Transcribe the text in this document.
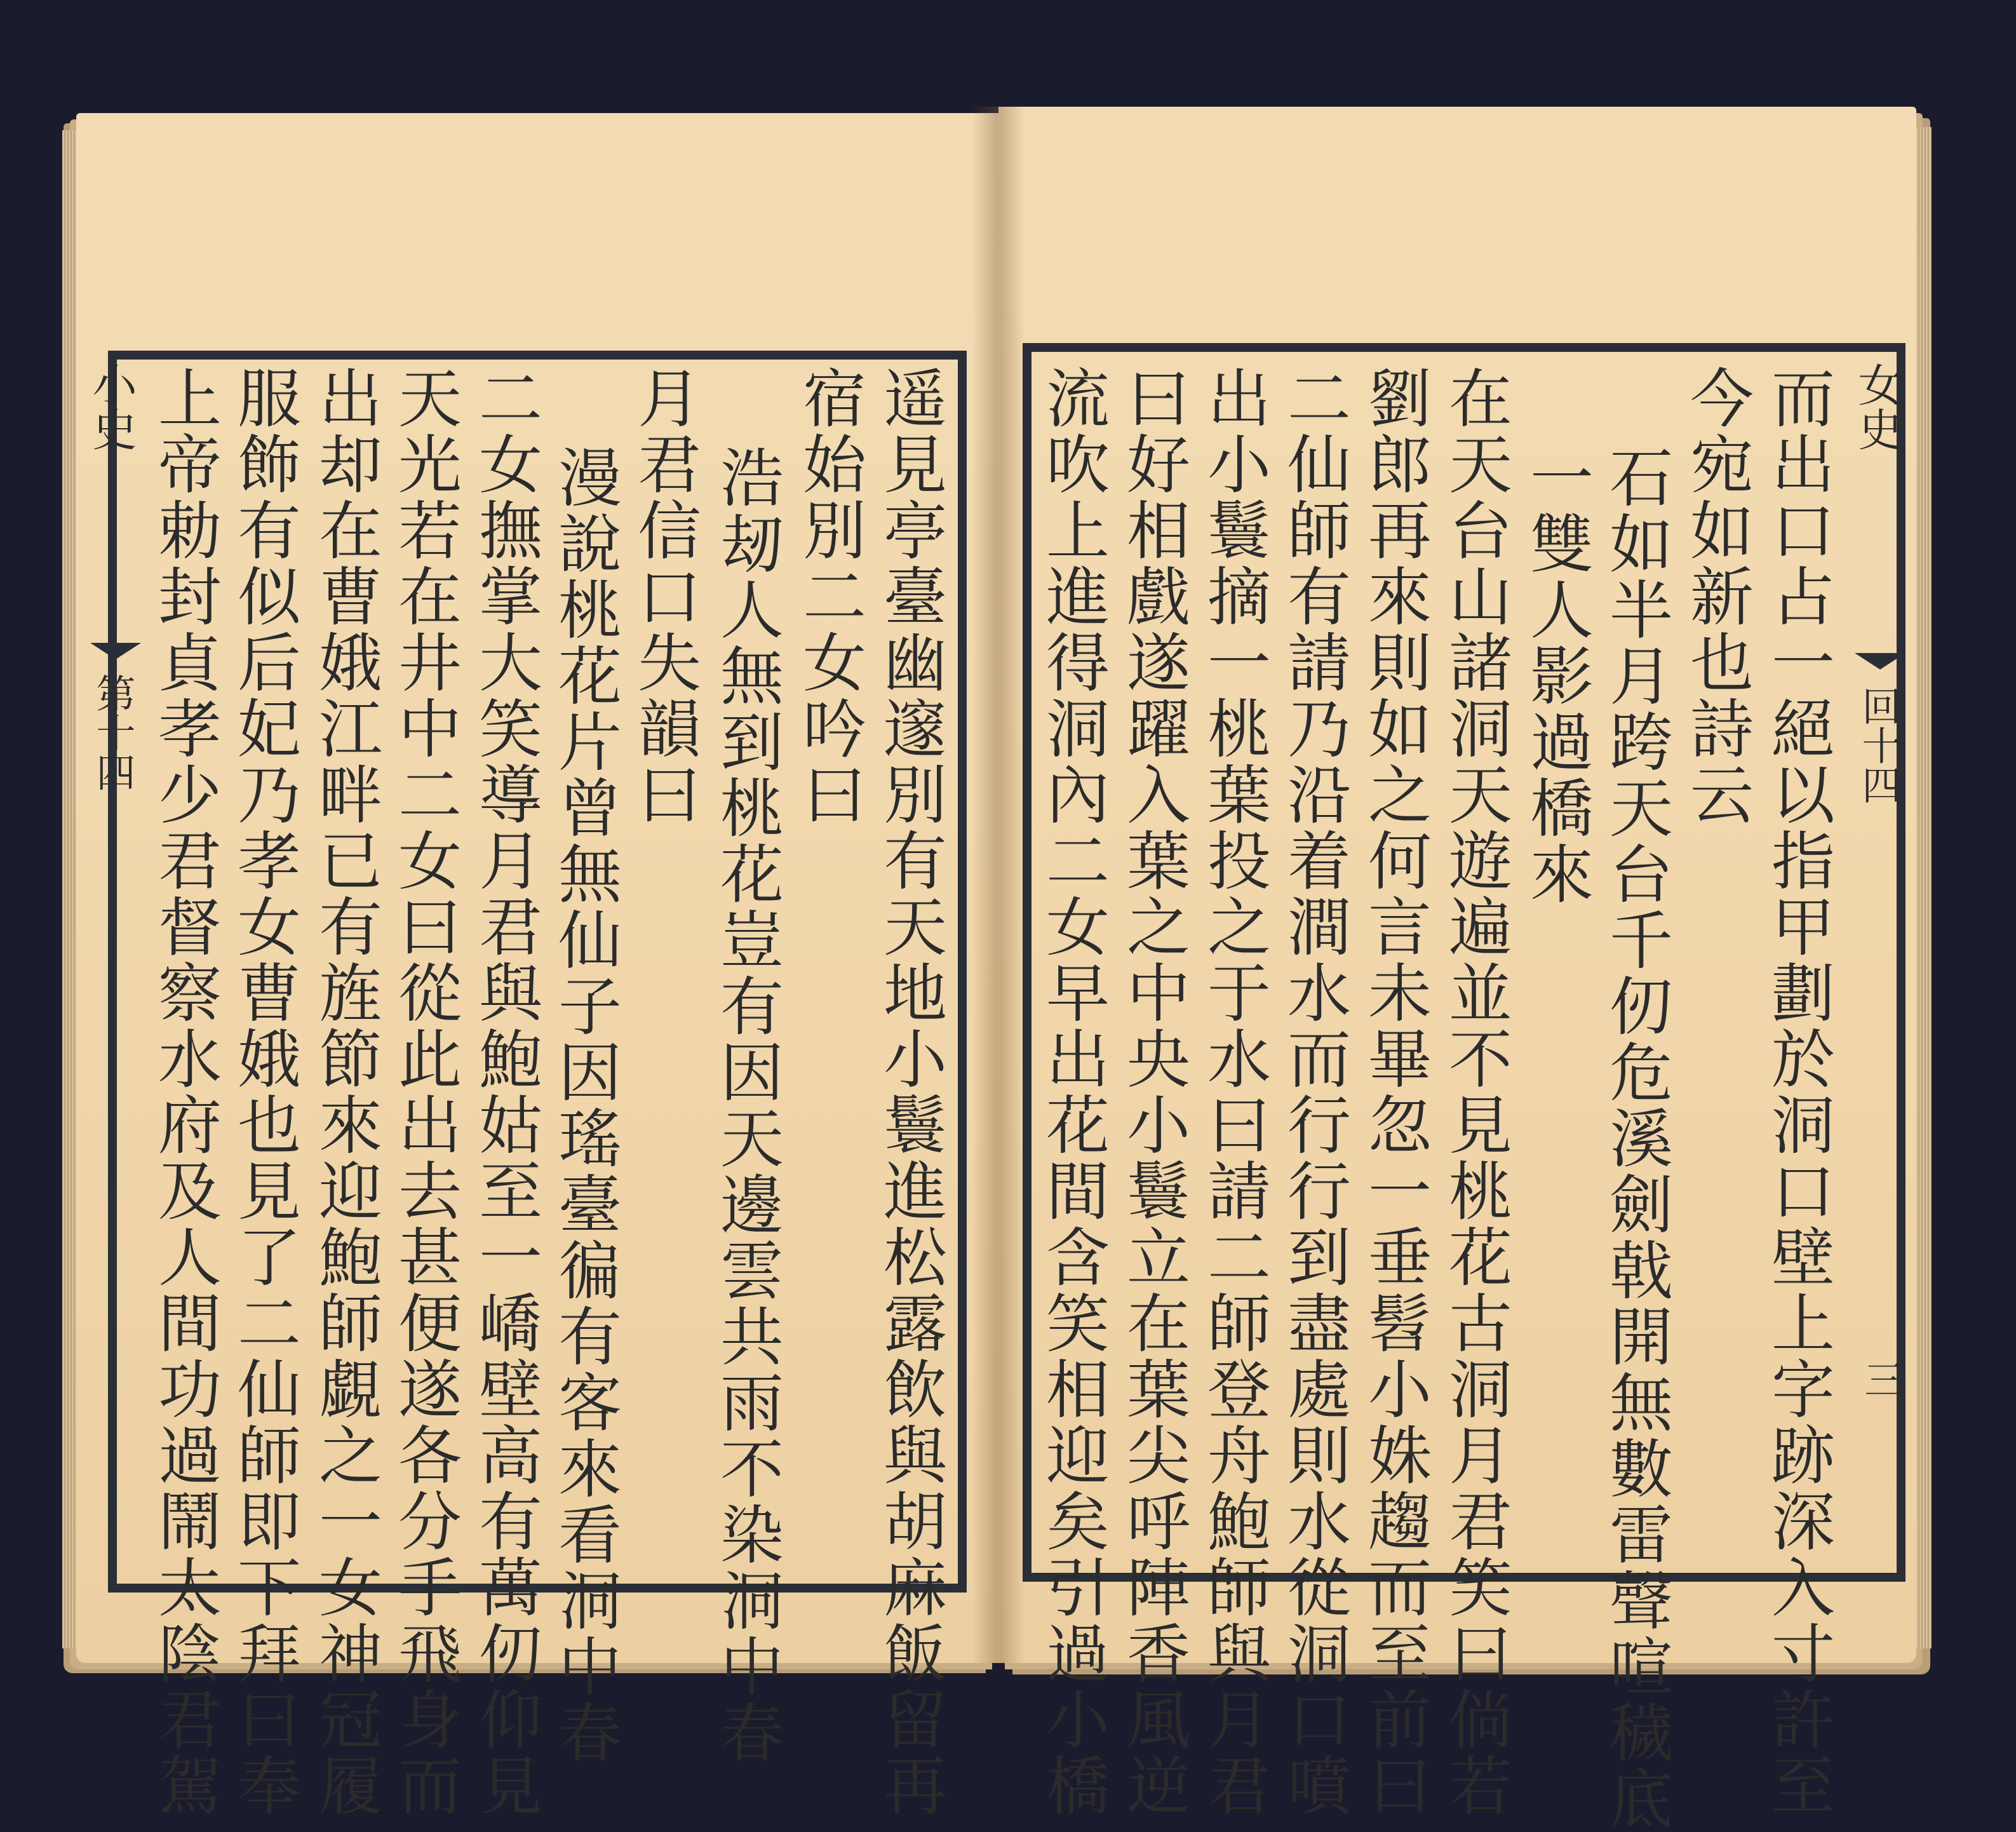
小史
第十四	遥見亭臺幽邃別有天地小鬟進松露飲與胡麻飯留再
宿始別二女吟曰
浩刼人無到桃花豈有因天邊雲共雨不染洞中春
月君信口失韻曰
漫說桃花片曾無仙子因瑤臺徧有客來看洞中春
二女撫掌大笑導月君與鮑姑至一嶠壁高有萬仞仰見
天光若在井中二女曰從此出去甚便遂各分手飛身而
出却在曹娥江畔已有旌節來迎鮑師覷之一女神冠履
服飾有似后妃乃孝女曹娥也見了二仙師即下拜曰奉
上帝勅封貞孝少君督察水府及人間功過鬧太陰君駕	女史
回十四
三
而出口占一絕以指甲劃於洞口壁上字跡深入寸許至
今宛如新也詩云
石如半月跨天台千仞危溪劍戟開無數雷聲喧穢底
一雙人影過橋來
在天台山諸洞天遊遍並不見桃花古洞月君笑曰倘若
劉郎再來則如之何言未畢忽一垂髫小姝趨而至前曰
二仙師有請乃沿着澗水而行行到盡處則水從洞口噴
出小鬟摘一桃葉投之于水曰請二師登舟鮑師與月君
曰好相戲遂躍入葉之中央小鬟立在葉尖呼陣香風逆
流吹上進得洞內二女早出花間含笑相迎矣引過小橋
